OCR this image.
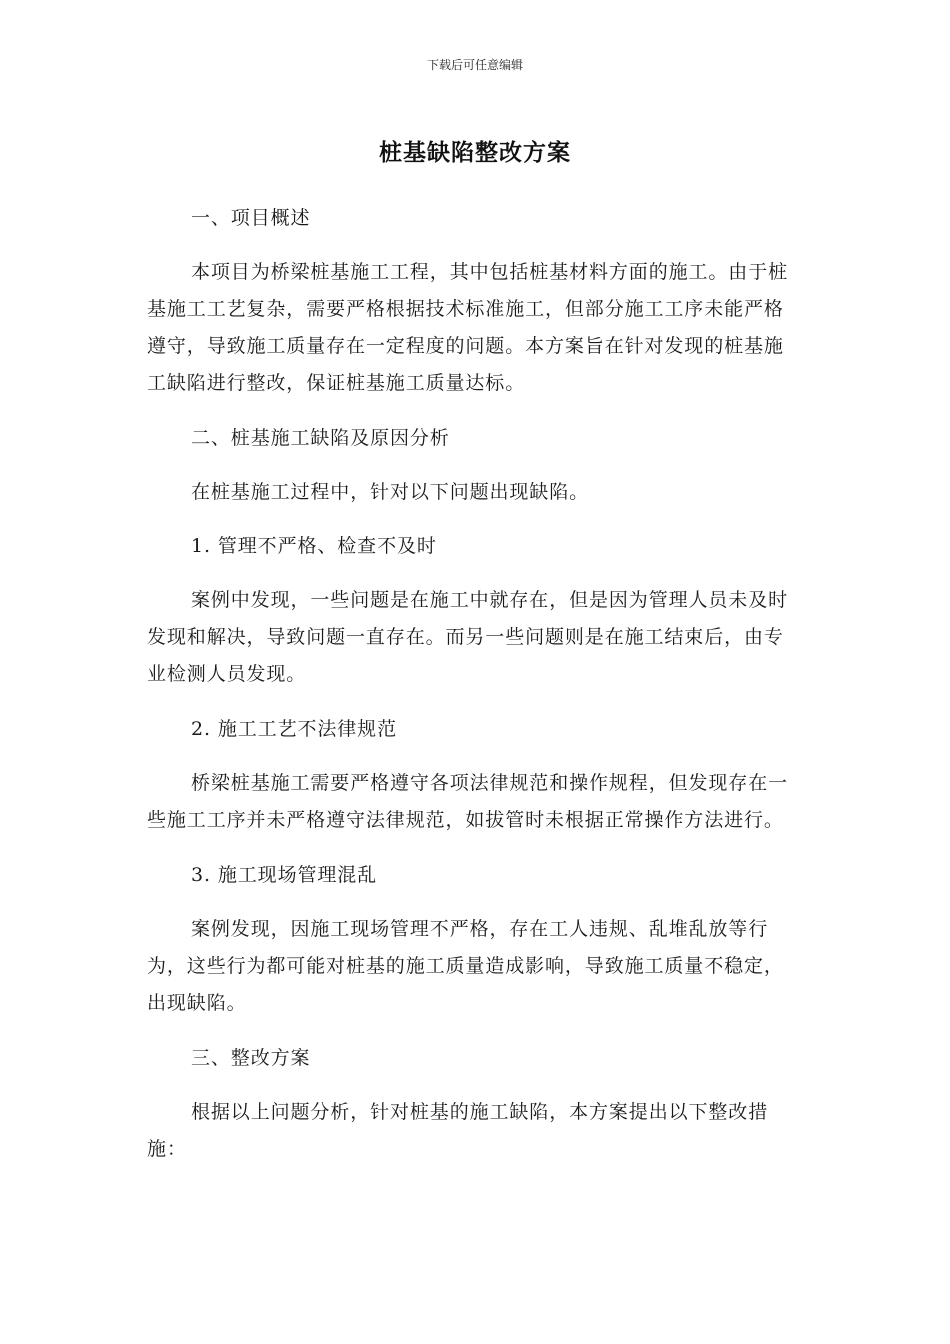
下载后可任意编辑
桩基缺陷整改方案

一、项目概述

本项目为桥梁桩基施工工程，其中包括桩基材料方面的施工。由于桩基施工工艺复杂，需要严格根据技术标准施工，但部分施工工序未能严格遵守，导致施工质量存在一定程度的问题。本方案旨在针对发现的桩基施工缺陷进行整改，保证桩基施工质量达标。

二、桩基施工缺陷及原因分析

在桩基施工过程中，针对以下问题出现缺陷。

1. 管理不严格、检查不及时

案例中发现，一些问题是在施工中就存在，但是因为管理人员未及时发现和解决，导致问题一直存在。而另一些问题则是在施工结束后，由专业检测人员发现。

2. 施工工艺不法律规范

桥梁桩基施工需要严格遵守各项法律规范和操作规程，但发现存在一些施工工序并未严格遵守法律规范，如拔管时未根据正常操作方法进行。

3. 施工现场管理混乱

案例发现，因施工现场管理不严格，存在工人违规、乱堆乱放等行为，这些行为都可能对桩基的施工质量造成影响，导致施工质量不稳定，出现缺陷。

三、整改方案

根据以上问题分析，针对桩基的施工缺陷，本方案提出以下整改措施：
